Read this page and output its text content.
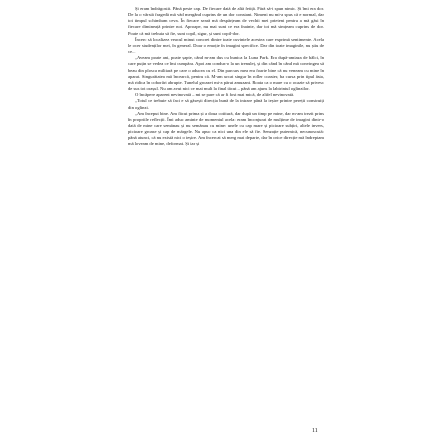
Și eram îndrăgostit. Până peste cap. De fiecare dată de altă fetiță. Fără să-i spun nimic. Și îmi era dor. De la o vârstă fragedă mă văd mergând cuprins de un dor constant. Nimeni nu mi-a spus că e normal, dar tot timpul schimbam ceva. În fiecare seară mă despărțeam de vechii mei prieteni pentru a mă găsi în fiecare dimineață printre noi. Aproape, nu mai sunt ce era înainte, dar tot mă simțeam cuprins de dor. Poate că mă trebuia să fie, sunt copil, sigur, și sunt copil-dor.

Încerc să localizez veacul minut concret dintre toate cuvintele acestea care exprimă sentimente. Acela le ocer studenților mei, în general. Doar o emoție în imagini specifice. Dar din toate imaginile, nu știu de ce...

„Aveam poate ani, poate șapte, când m-am dus cu bunica la Luna Park. Era după-amiaza de bâlci, în care puțin se vedea ce îmi cumpăra. Apoi am condus-o la un trenuleț, și din când în când mă convingea să beau din plosca militară pe care o aducea cu el. Din parcurs mea era foarte bine că nu veneam cu mine în aparat. Singurătatea mă încearcă, pentru că. M-am urcat singur în roller coaster, ba cursa prin tipul ăsta, mă ridica în coborâri abrupte. Tunelul groazei mi-a părut amuzant. Roata ca o mare cu o ocazie să privesc de sus tot orașul. Nu am avut nici ce mai mult la final tăcut – până am ajuns la labirintul oglinzilor.

O încăpere aparent nevinovată – mi se pare că ar fi fost mai mică, de altfel nevinovată.

„Totul ce trebuie să faci e să găsești direcția bună de la intrare până la ieșire printre pereții construiți din oglinzi.

„Am început bine. Am făcut prima și a doua cotitură, dar după un timp pe mine, dar m-am trezit prins în propriile reflecții. Îmi aduc aminte de momentul acela: eram înconjurat de mulțime de imagini dintr-o dată de mine care semănau și nu semănau cu mine: unele cu cap mare și picioare subțiri, altele invers, picioare groase și cap de mărgele. Nu apuc ca nici una din ele să fie. Senzație puternică, necunoscută: până atunci, că nu există nici o ieșire. Am încercat să merg mai departe, dar în orice direcție mă îndreptam mă loveam de mine, deformat. Și iar și

11
